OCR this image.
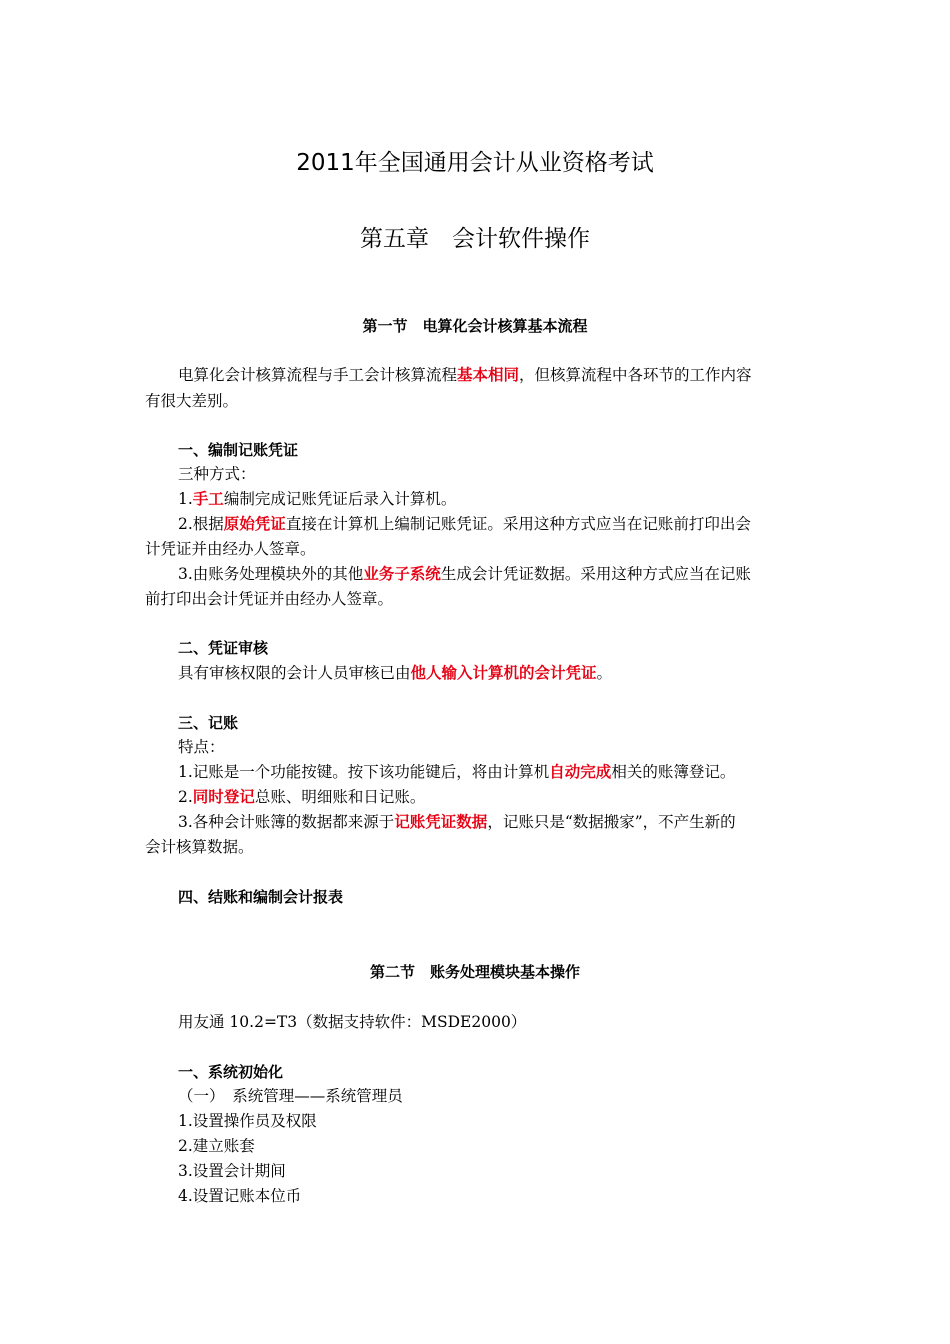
2011年全国通用会计从业资格考试
第五章　会计软件操作
第一节　电算化会计核算基本流程
电算化会计核算流程与手工会计核算流程基本相同，但核算流程中各环节的工作内容
有很大差别。
一、编制记账凭证
三种方式：
1.手工编制完成记账凭证后录入计算机。
2.根据原始凭证直接在计算机上编制记账凭证。采用这种方式应当在记账前打印出会
计凭证并由经办人签章。
3.由账务处理模块外的其他业务子系统生成会计凭证数据。采用这种方式应当在记账
前打印出会计凭证并由经办人签章。
二、凭证审核
具有审核权限的会计人员审核已由他人输入计算机的会计凭证。
三、记账
特点：
1.记账是一个功能按键。按下该功能键后，将由计算机自动完成相关的账簿登记。
2.同时登记总账、明细账和日记账。
3.各种会计账簿的数据都来源于记账凭证数据，记账只是“数据搬家”，不产生新的
会计核算数据。
四、结账和编制会计报表
第二节　账务处理模块基本操作
用友通 10.2=T3（数据支持软件：MSDE2000）
一、系统初始化
（一）　系统管理——系统管理员
1.设置操作员及权限
2.建立账套
3.设置会计期间
4.设置记账本位币
